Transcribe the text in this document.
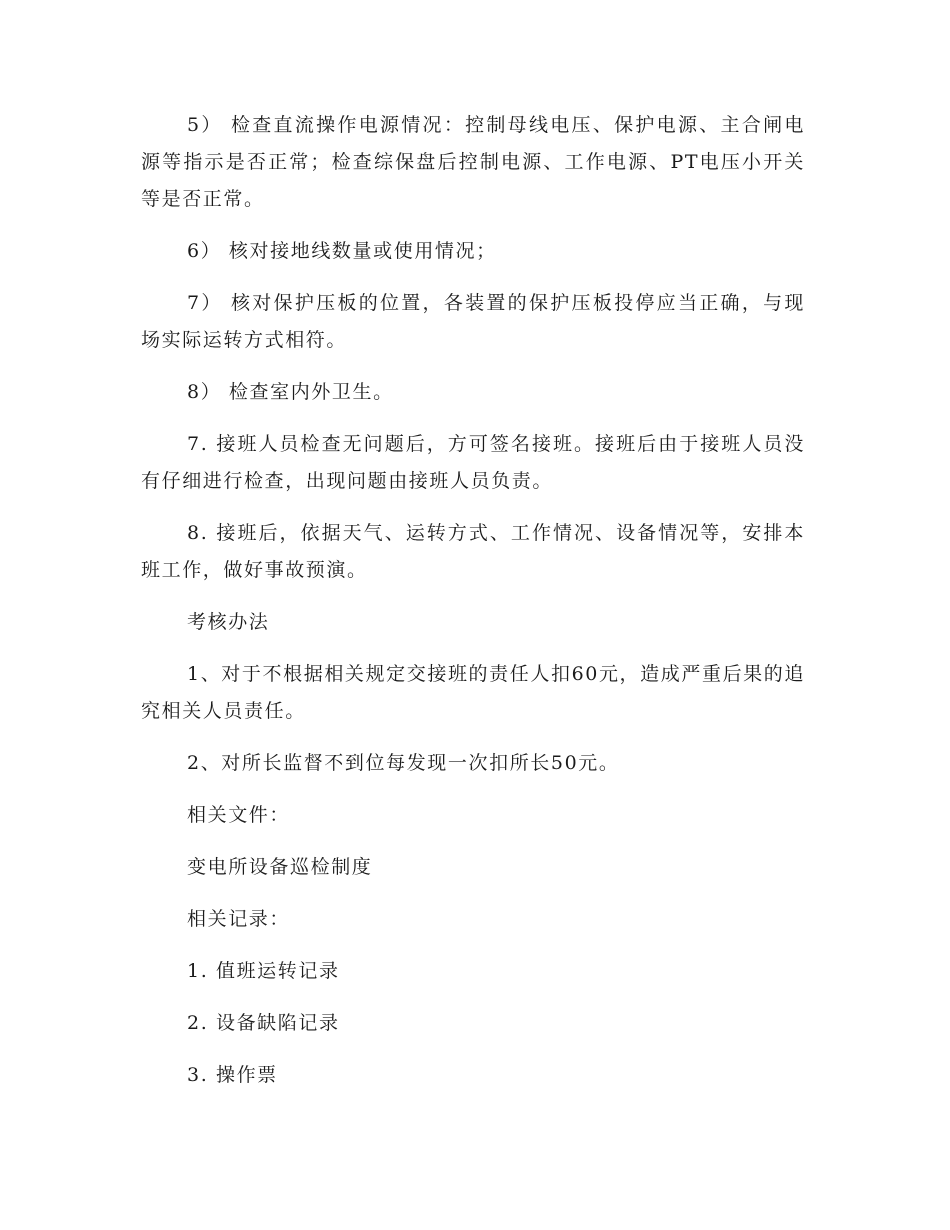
5） 检查直流操作电源情况：控制母线电压、保护电源、主合闸电源等指示是否正常；检查综保盘后控制电源、工作电源、PT电压小开关等是否正常。

6） 核对接地线数量或使用情况；

7） 核对保护压板的位置，各装置的保护压板投停应当正确，与现场实际运转方式相符。

8） 检查室内外卫生。

7. 接班人员检查无问题后，方可签名接班。接班后由于接班人员没有仔细进行检查，出现问题由接班人员负责。

8. 接班后，依据天气、运转方式、工作情况、设备情况等，安排本班工作，做好事故预演。

考核办法

1、对于不根据相关规定交接班的责任人扣60元，造成严重后果的追究相关人员责任。

2、对所长监督不到位每发现一次扣所长50元。

相关文件：

变电所设备巡检制度

相关记录：

1. 值班运转记录

2. 设备缺陷记录

3. 操作票
